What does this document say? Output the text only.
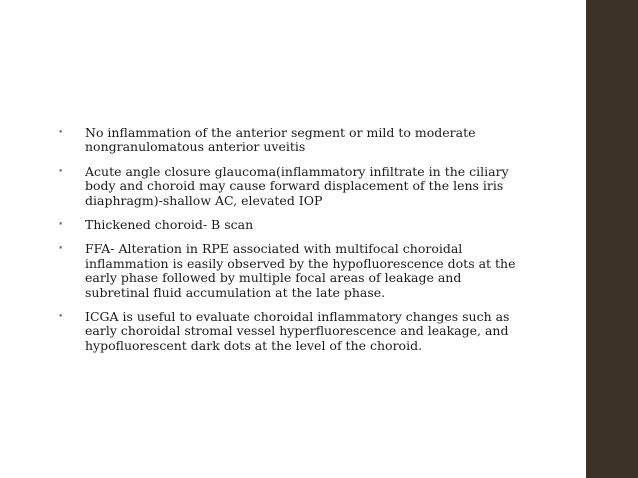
• No inflammation of the anterior segment or mild to moderate nongranulomatous anterior uveitis
• Acute angle closure glaucoma(inflammatory infiltrate in the ciliary body and choroid may cause forward displacement of the lens iris diaphragm)-shallow AC, elevated IOP
• Thickened choroid- B scan
• FFA- Alteration in RPE associated with multifocal choroidal inflammation is easily observed by the hypofluorescence dots at the early phase followed by multiple focal areas of leakage and subretinal fluid accumulation at the late phase.
• ICGA is useful to evaluate choroidal inflammatory changes such as early choroidal stromal vessel hyperfluorescence and leakage, and hypofluorescent dark dots at the level of the choroid.
